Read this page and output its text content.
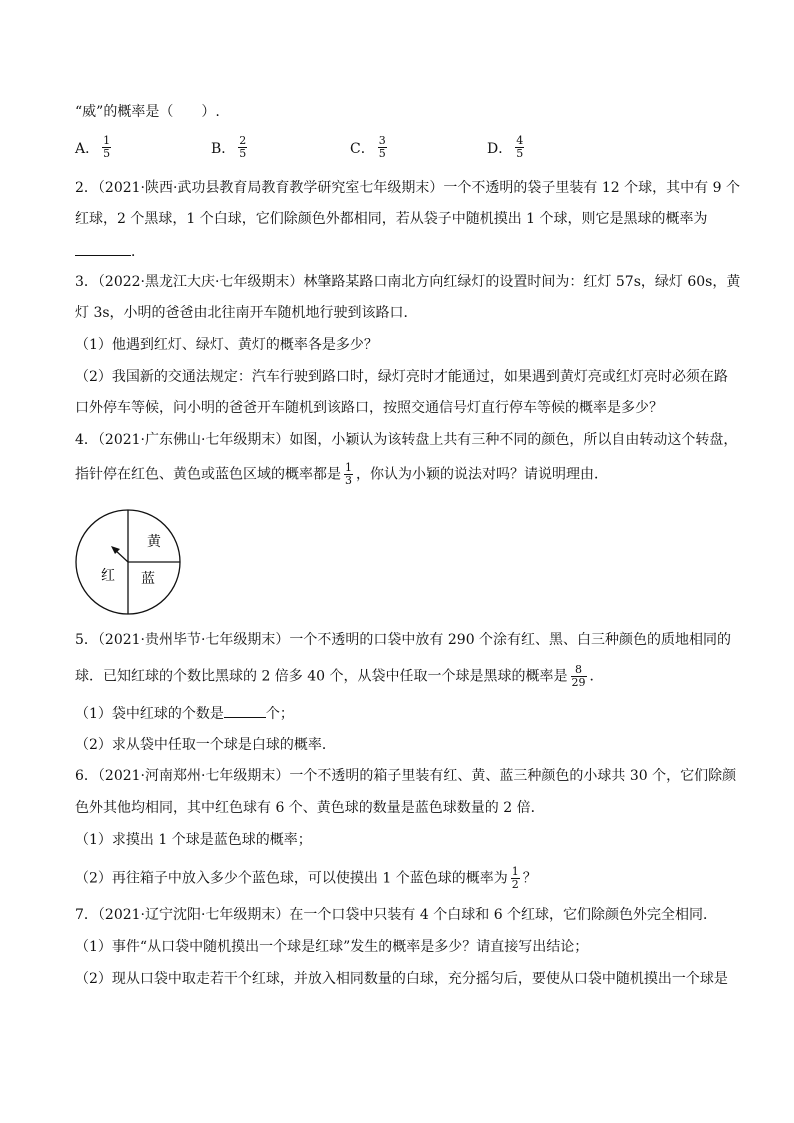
“威”的概率是（　　）.
A． $\frac{1}{5}$	B． $\frac{2}{5}$	C． $\frac{3}{5}$	D． $\frac{4}{5}$
2．（2021·陕西·武功县教育局教育教学研究室七年级期末）一个不透明的袋子里装有 12 个球，其中有 9 个
红球，2 个黑球，1 个白球，它们除颜色外都相同，若从袋子中随机摸出 1 个球，则它是黑球的概率为
．
3．（2022·黑龙江大庆·七年级期末）林肇路某路口南北方向红绿灯的设置时间为：红灯 57s，绿灯 60s，黄
灯 3s，小明的爸爸由北往南开车随机地行驶到该路口．
（1）他遇到红灯、绿灯、黄灯的概率各是多少？
（2）我国新的交通法规定：汽车行驶到路口时，绿灯亮时才能通过，如果遇到黄灯亮或红灯亮时必须在路
口外停车等候，问小明的爸爸开车随机到该路口，按照交通信号灯直行停车等候的概率是多少？
4．（2021·广东佛山·七年级期末）如图，小颖认为该转盘上共有三种不同的颜色，所以自由转动这个转盘，
指针停在红色、黄色或蓝色区域的概率都是 $\frac{1}{3}$ ，你认为小颖的说法对吗？请说明理由．
黄
红 蓝
5．（2021·贵州毕节·七年级期末）一个不透明的口袋中放有 290 个涂有红、黑、白三种颜色的质地相同的
球．已知红球的个数比黑球的 2 倍多 40 个，从袋中任取一个球是黑球的概率是 $\frac{8}{29}$ ．
（1）袋中红球的个数是	个；
（2）求从袋中任取一个球是白球的概率．
6．（2021·河南郑州·七年级期末）一个不透明的箱子里装有红、黄、蓝三种颜色的小球共 30 个，它们除颜
色外其他均相同，其中红色球有 6 个、黄色球的数量是蓝色球数量的 2 倍．
（1）求摸出 1 个球是蓝色球的概率；
（2）再往箱子中放入多少个蓝色球，可以使摸出 1 个蓝色球的概率为 $\frac{1}{2}$ ？
7．（2021·辽宁沈阳·七年级期末）在一个口袋中只装有 4 个白球和 6 个红球，它们除颜色外完全相同．
（1）事件“从口袋中随机摸出一个球是红球”发生的概率是多少？请直接写出结论；
（2）现从口袋中取走若干个红球，并放入相同数量的白球，充分摇匀后，要使从口袋中随机摸出一个球是
